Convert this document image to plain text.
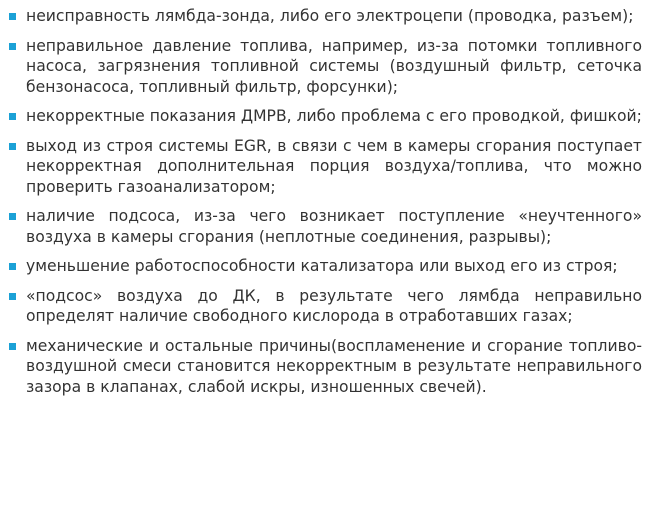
неисправность лямбда-зонда, либо его электроцепи (проводка, разъем);
неправильное давление топлива, например, из-за потомки топливного насоса, загрязнения топливной системы (воздушный фильтр, сеточка бензонасоса, топливный фильтр, форсунки);
некорректные показания ДМРВ, либо проблема с его проводкой, фишкой;
выход из строя системы EGR, в связи с чем в камеры сгорания поступает некорректная дополнительная порция воздуха/топлива, что можно проверить газоанализатором;
наличие подсоса, из-за чего возникает поступление «неучтенного» воздуха в камеры сгорания (неплотные соединения, разрывы);
уменьшение работоспособности катализатора или выход его из строя;
«подсос» воздуха до ДК, в результате чего лямбда неправильно определят наличие свободного кислорода в отработавших газах;
механические и остальные причины(воспламенение и сгорание топливо-воздушной смеси становится некорректным в результате неправильного зазора в клапанах, слабой искры, изношенных свечей).
